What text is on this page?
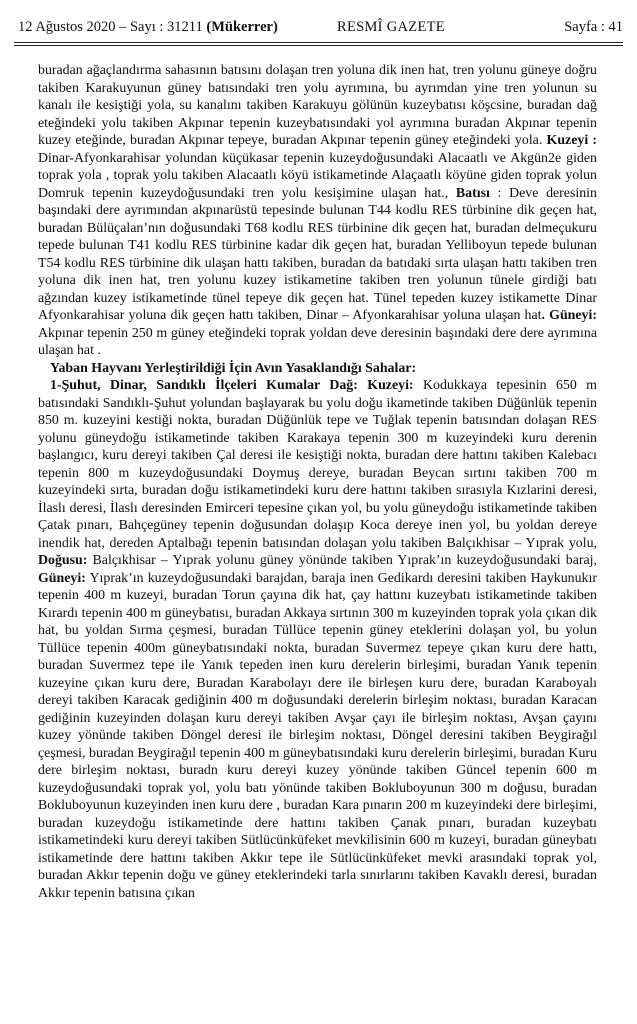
12 Ağustos 2020 – Sayı : 31211 (Mükerrer)	RESMÎ GAZETE	Sayfa : 41

buradan ağaçlandırma sahasının batısını dolaşan tren yoluna dik inen hat, tren yolunu güneye doğru takiben Karakuyunun güney batısındaki tren yolu ayrımına, bu ayrımdan yine tren yolunun su kanalı ile kesiştiği yola, su kanalını takiben Karakuyu gölünün kuzeybatısı köşcsine, buradan dağ eteğindeki yolu takiben Akpınar tepenin kuzeybatısındaki yol ayrımına buradan Akpınar tepenin kuzey eteğinde, buradan Akpınar tepeye, buradan Akpınar tepenin güney eteğindeki yola. Kuzeyi : Dinar-Afyonkarahisar yolundan küçükasar tepenin kuzeydoğusundaki Alacaatlı ve Akgün2e giden toprak yola , toprak yolu takiben Alacaatlı köyü istikametinde Alaçaatlı köyüne giden toprak yolun Domruk tepenin kuzeydoğusundaki tren yolu kesişimine ulaşan hat., Batısı : Deve deresinin başındaki dere ayrımından akpınarüstü tepesinde bulunan T44 kodlu RES türbinine dik geçen hat, buradan Bülüçalan’nın doğusundaki T68 kodlu RES türbinine dik geçen hat, buradan delmeçukuru tepede bulunan T41 kodlu RES türbinine kadar dik geçen hat, buradan Yelliboyun tepede bulunan T54 kodlu RES türbinine dik ulaşan hattı takiben, buradan da batıdaki sırta ulaşan hattı takiben tren yoluna dik inen hat, tren yolunu kuzey istikametine takiben tren yolunun tünele girdiği batı ağzından kuzey istikametinde tünel tepeye dik geçen hat. Tünel tepeden kuzey istikamette Dinar Afyonkarahisar yoluna dik geçen hattı takiben, Dinar – Afyonkarahisar yoluna ulaşan hat. Güneyi: Akpınar tepenin 250 m güney eteğindeki toprak yoldan deve deresinin başındaki dere dere ayrımına ulaşan hat .

Yaban Hayvanı Yerleştirildiği İçin Avın Yasaklandığı Sahalar:

1-Şuhut, Dinar, Sandıklı İlçeleri Kumalar Dağ: Kuzeyi: Kodukkaya tepesinin 650 m batısındaki Sandıklı-Şuhut yolundan başlayarak bu yolu doğu ikametinde takiben Düğünlük tepenin 850 m. kuzeyini kestiği nokta, buradan Düğünlük tepe ve Tuğlak tepenin batısından dolaşan RES yolunu güneydoğu istikametinde takiben Karakaya tepenin 300 m kuzeyindeki kuru derenin başlangıcı, kuru dereyi takiben Çal deresi ile kesiştiği nokta, buradan dere hattını takiben Kalebacı tepenin 800 m kuzeydoğusundaki Doymuş dereye, buradan Beycan sırtını takiben 700 m kuzeyindeki sırta, buradan doğu istikametindeki kuru dere hattını takiben sırasıyla Kızlarini deresi, İlaslı deresi, İlaslı deresinden Emirceri tepesine çıkan yol, bu yolu güneydoğu istikametinde takiben Çatak pınarı, Bahçegüney tepenin doğusundan dolaşıp Koca dereye inen yol, bu yoldan dereye inendik hat, dereden Aptalbağı tepenin batısından dolaşan yolu takiben Balçıkhisar – Yıprak yolu, Doğusu: Balçıkhisar – Yıprak yolunu güney yönünde takiben Yıprak’ın kuzeydoğusundaki baraj, Güneyi: Yıprak’ın kuzeydoğusundaki barajdan, baraja inen Gedikardı deresini takiben Haykunukır tepenin 400 m kuzeyi, buradan Torun çayına dik hat, çay hattını kuzeybatı istikametinde takiben Kırardı tepenin 400 m güneybatısı, buradan Akkaya sırtının 300 m kuzeyinden toprak yola çıkan dik hat, bu yoldan Sırma çeşmesi, buradan Tüllüce tepenin güney eteklerini dolaşan yol, bu yolun Tüllüce tepenin 400m güneybatısındaki nokta, buradan Suvermez tepeye çıkan kuru dere hattı, buradan Suvermez tepe ile Yanık tepeden inen kuru derelerin birleşimi, buradan Yanık tepenin kuzeyine çıkan kuru dere, Buradan Karabolayı dere ile birleşen kuru dere, buradan Karaboyalı dereyi takiben Karacak gediğinin 400 m doğusundaki derelerin birleşim noktası, buradan Karacan gediğinin kuzeyinden dolaşan kuru dereyi takiben Avşar çayı ile birleşim noktası, Avşan çayını kuzey yönünde takiben Döngel deresi ile birleşim noktası, Döngel deresini takiben Beygirağıl çeşmesi, buradan Beygirağıl tepenin 400 m güneybatısındaki kuru derelerin birleşimi, buradan Kuru dere birleşim noktası, buradn kuru dereyi kuzey yönünde takiben Güncel tepenin 600 m kuzeydoğusundaki toprak yol, yolu batı yönünde takiben Bokluboyunun 300 m doğusu, buradan Bokluboyunun kuzeyinden inen kuru dere , buradan Kara pınarın 200 m kuzeyindeki dere birleşimi, buradan kuzeydoğu istikametinde dere hattını takiben Çanak pınarı, buradan kuzeybatı istikametindeki kuru dereyi takiben Sütlücünküfeket mevkilisinin 600 m kuzeyi, buradan güneybatı istikametinde dere hattını takiben Akkır tepe ile Sütlücünküfeket mevki arasındaki toprak yol, buradan Akkır tepenin doğu ve güney eteklerindeki tarla sınırlarını takiben Kavaklı deresi, buradan Akkır tepenin batısına çıkan
